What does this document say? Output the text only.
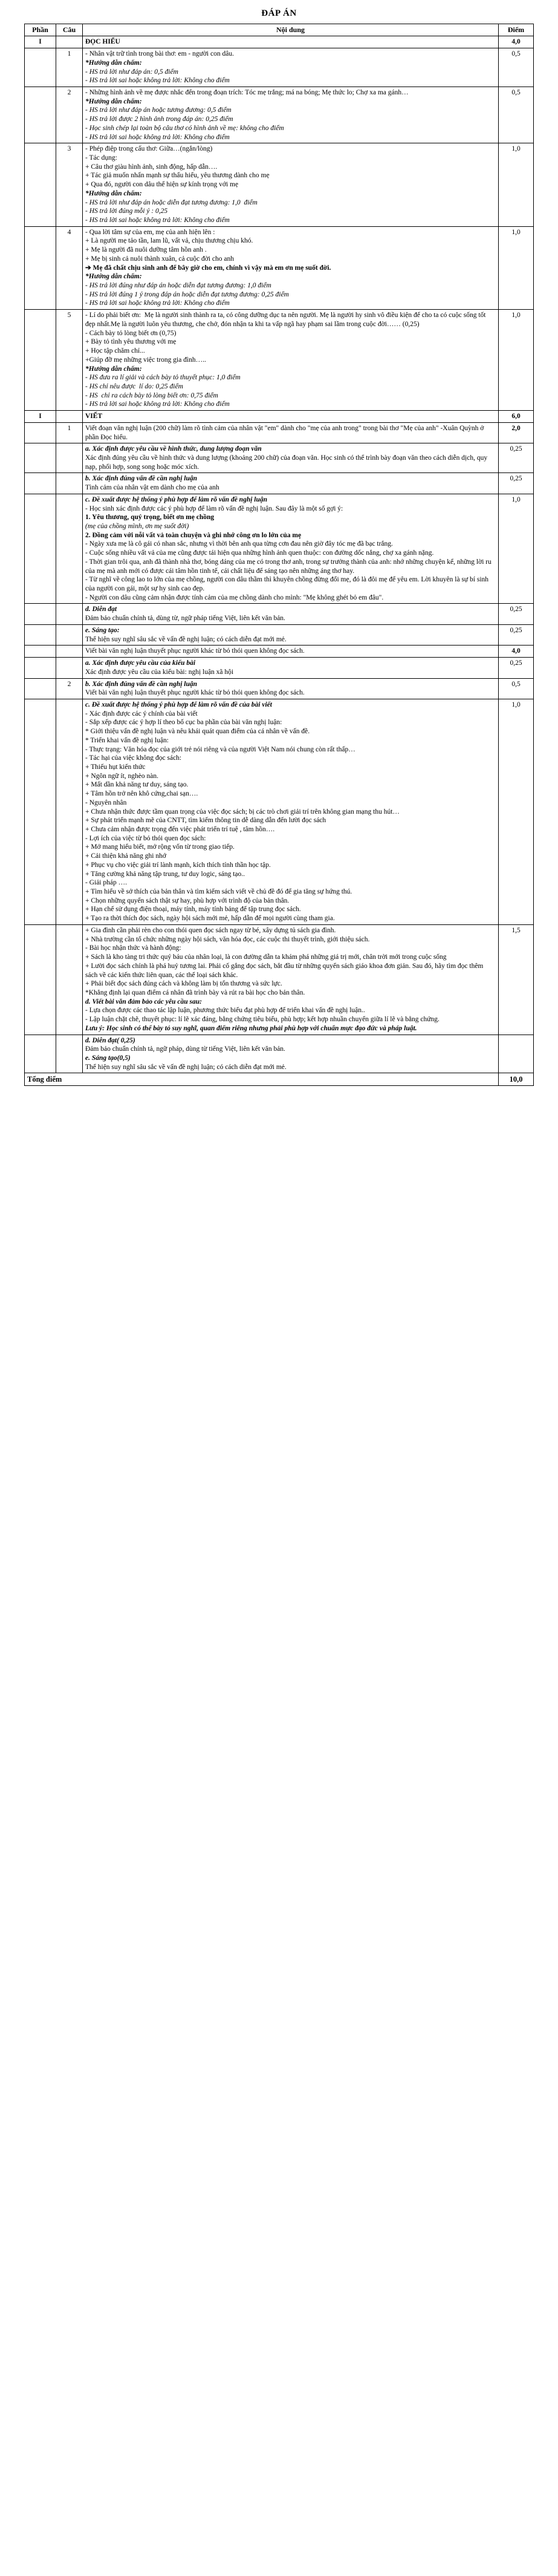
ĐÁP ÁN
Phần	Câu	Nội dung	Điểm
I		ĐỌC HIỂU	4,0
	1	- Nhân vật trữ tình trong bài thơ: em - người con dâu.
*Hướng dẫn chấm:
- HS trả lời như đáp án: 0,5 điểm
- HS trả lời sai hoặc không trả lời: Không cho điểm	0,5
	2	- Những hình ảnh về mẹ được nhắc đến trong đoạn trích: Tóc mẹ trắng; má na bóng; Mẹ thức lo; Chợ xa ma gánh…
*Hướng dẫn chấm:
- HS trả lời như đáp án hoặc tương đương: 0,5 điểm
- HS trả lời được 2 hình ảnh trong đáp án: 0,25 điểm
- Học sinh chép lại toàn bộ câu thơ có hình ảnh về mẹ: không cho điểm
- HS trả lời sai hoặc không trả lời: Không cho điểm
	0,5
	3	- Phép điệp trong cấu thơ: Giữa…(ngắn/lòng)
- Tác dụng:
+ Câu thơ giàu hình ảnh, sinh động, hấp dẫn….
+ Tác giả muốn nhấn mạnh sự thấu hiểu, yêu thương dành cho mẹ
+ Qua đó, người con dâu thể hiện sự kính trọng với mẹ
*Hướng dẫn chấm:
- HS trả lời như đáp án hoặc diễn đạt tương đương: 1,0  điểm
- HS trả lời đúng mỗi ý : 0,25
- HS trả lời sai hoặc không trả lời: Không cho điểm
	1,0
	4	- Qua lời tâm sự của em, mẹ của anh hiện lên :
+ Là người mẹ tảo tần, lam lũ, vất vả, chịu thương chịu khó.
+ Mẹ là người đã nuôi dưỡng tâm hồn anh .
+ Mẹ bị sinh cả nuôi thành xuân, cả cuộc đời cho anh
➔ Mẹ đã chất chịu sinh anh để bây giờ cho em, chính vì vậy mà em ơn mẹ suốt đời.
*Hướng dẫn chấm:
- HS trả lời đúng như đáp án hoặc diễn đạt tương đương: 1,0 điểm
- HS trả lời đúng 1 ý trong đáp án hoặc diễn đạt tương đương: 0,25 điểm
- HS trả lời sai hoặc không trả lời: Không cho điểm
	1,0
	5	- Lí do phải biết ơn:  Mẹ là người sinh thành ra ta, có công dưỡng dục ta nên người. Mẹ là người hy sinh vô điều kiện để cho ta có cuộc sống tốt đẹp nhất.Mẹ là người luôn yêu thương, che chở, đón nhận ta khi ta vấp ngã hay phạm sai lầm trong cuộc đời…… (0,25)
- Cách bày tỏ lòng biết ơn (0,75)
+ Bày tỏ tình yêu thương với mẹ
+ Học tập chăm chỉ...
+Giúp đỡ mẹ những việc trong gia đình…..
*Hướng dẫn chấm:
- HS đưa ra lí giải và cách bày tỏ thuyết phục: 1,0 điểm
- HS chỉ nêu được  lí do: 0,25 điểm
- HS  chỉ ra cách bày tỏ lòng biết ơn: 0,75 điểm
- HS trả lời sai hoặc không trả lời: Không cho điểm
	1,0
I		VIẾT	6,0
	1	Viết đoạn văn nghị luận (200 chữ) làm rõ tình cảm của nhân vật "em" dành cho "mẹ của anh trong" trong bài thơ "Mẹ của anh" -Xuân Quỳnh ở phần Đọc hiểu.	2,0

		a. Xác định được yêu cầu về hình thức, dung lượng đoạn văn
Xác định đúng yêu cầu về hình thức và dung lượng (khoảng 200 chữ) của đoạn văn. Học sinh có thể trình bày đoạn văn theo cách diễn dịch, quy nạp, phối hợp, song song hoặc móc xích.	0,25

		b. Xác định đúng vấn đề cần nghị luận
Tình cảm của nhân vật em dành cho mẹ của anh	0,25

c. Đề xuất được hệ thống ý phù hợp để làm rõ vấn đề nghị luận
- Học sinh xác định được các ý phù hợp để làm rõ vấn đề nghị luận. Sau đây là một số gợi ý:
1. Yêu thương, quý trọng, biết ơn mẹ chồng
(mẹ của chồng mình, ơn mẹ suốt đời)
2. Đồng cảm với nỗi vất vả toàn chuyện và ghi nhớ công ơn lo lớn của mẹ
- Ngày xưa mẹ là cô gái có nhan sắc, nhưng vì thời bên anh qua từng cơn đau nên giờ đây tóc mẹ đã bạc trắng.
- Cuộc sống nhiều vất vả của mẹ cũng được tái hiện qua những hình ảnh quen thuộc: con đường dốc nắng, chợ xa gánh nặng.
- Thời gian trôi qua, anh đã thành nhà thơ, bóng dáng của mẹ có trong thơ anh, trong sự trưởng thành của anh: nhớ những chuyện kể, những lời ru của mẹ mà anh mới có được cái tâm hồn tinh tế, cái chất liệu để sáng tạo nên những áng thơ hay.
- Từ nghĩ về công lao to lớn của mẹ chồng, người con dâu thầm thì khuyên chồng đừng đổi mẹ, đó là đôi mẹ để yêu em. Lời khuyên là sự bí sinh của người con gái, một sự hy sinh cao đẹp.
- Người con dâu cũng cảm nhận được tính cảm của mẹ chồng dành cho mình: "Mẹ không ghét bỏ em đâu".
	1,0

		d. Diễn đạt
Đảm bảo chuẩn chính tả, dùng từ, ngữ pháp tiếng Việt, liên kết văn bản.	0,25

		e. Sáng tạo:
Thể hiện suy nghĩ sâu sắc về vấn đề nghị luận; có cách diễn đạt mới mẻ.	0,25

		Viết bài văn nghị luận thuyết phục người khác từ bỏ thói quen không đọc sách.	4,0

		a. Xác định được yêu cầu của kiểu bài
Xác định được yêu cầu của kiểu bài: nghị luận xã hội	0,25
	2	b. Xác định đúng vấn đề cần nghị luận
Viết bài văn nghị luận thuyết phục người khác từ bỏ thói quen không đọc sách.	0,5

c. Đề xuất được hệ thống ý phù hợp để làm rõ vấn đề của bài viết
- Xác định được các ý chính của bài viết
- Sắp xếp được các ý hợp lí theo bố cục ba phần của bài văn nghị luận:
* Giới thiệu vấn đề nghị luận và nêu khái quát quan điểm của cá nhân về vấn đề.
* Triển khai vấn đề nghị luận:
- Thực trạng: Văn hóa đọc của giới trẻ nói riêng và của người Việt Nam nói chung còn rất thấp…
- Tác hại của việc không đọc sách:
+ Thiếu hụt kiến thức
+ Ngôn ngữ ít, nghèo nàn.
+ Mất dần khả năng tư duy, sáng tạo.
+ Tâm hồn trở nên khô cứng,chai sạn….
- Nguyên nhân
+ Chưa nhận thức được tầm quan trọng của việc đọc sách; bị các trò chơi giải trí trên không gian mạng thu hút…
+ Sự phát triển mạnh mẽ của CNTT, tìm kiếm thông tin dễ dàng dẫn đến lười đọc sách
+ Chưa cảm nhận được trọng đến việc phát triển trí tuệ , tâm hồn….
- Lợi ích của việc từ bỏ thói quen đọc sách:
+ Mở mang hiểu biết, mở rộng vốn từ trong giao tiếp.
+ Cải thiện khả năng ghi nhớ
+ Phục vụ cho việc giải trí lành mạnh, kích thích tính thần học tập.
+ Tăng cường khả năng tập trung, tư duy logic, sáng tạo..
- Giải pháp ….
+ Tìm hiểu về sở thích của bản thân và tìm kiếm sách viết về chủ đề đó để gia tăng sự hứng thú.
+ Chọn những quyển sách thật sự hay, phù hợp với trình độ của bản thân.
+ Hạn chế sử dụng điện thoại, máy tính, máy tính bảng để tập trung đọc sách.
+ Tạo ra thời thích đọc sách, ngày hội sách mới mẻ, hấp dẫn để mọi người cùng tham gia.
	1,0

+ Gia đình cần phải rèn cho con thói quen đọc sách ngay từ bé, xây dựng tủ sách gia đình.
+ Nhà trường cần tổ chức những ngày hội sách, văn hóa đọc, các cuộc thi thuyết trình, giới thiệu sách.
- Bài học nhận thức và hành động:
+ Sách là kho tàng tri thức quý báu của nhân loại, là con đường dẫn ta khám phá những giá trị mới, chân trời mới trong cuộc sống
+ Lười đọc sách chính là phá huỷ tương lai. Phải cố gắng đọc sách, bắt đầu từ những quyển sách giáo khoa đơn giản. Sau đó, hãy tìm đọc thêm sách về các kiến thức liên quan, các thể loại sách khác.
+ Phải biết đọc sách đúng cách và không làm bị tổn thương và sức lực.
*Khẳng định lại quan điểm cá nhân đã trình bày và rút ra bài học cho bản thân.
d. Viết bài văn đảm bảo các yêu cầu sau:
- Lựa chọn được các thao tác lập luận, phương thức biểu đạt phù hợp để triển khai vấn đề nghị luận..
- Lập luận chặt chẽ, thuyết phục: lí lẽ xác đáng, bằng chứng tiêu biểu, phù hợp; kết hợp nhuần chuyển giữa lí lẽ và bằng chứng.
Lưu ý: Học sinh có thể bày tỏ suy nghĩ, quan điểm riêng nhưng phải phù hợp với chuẩn mực đạo đức và pháp luật.
	1,5

		d. Diễn đạt( 0,25)
Đảm bảo chuẩn chính tả, ngữ pháp, dùng từ tiếng Việt, liên kết văn bản.
e. Sáng tạo(0,5)
Thể hiện suy nghĩ sâu sắc về vấn đề nghị luận; có cách diễn đạt mới mẻ.	

Tổng điểm			10,0
